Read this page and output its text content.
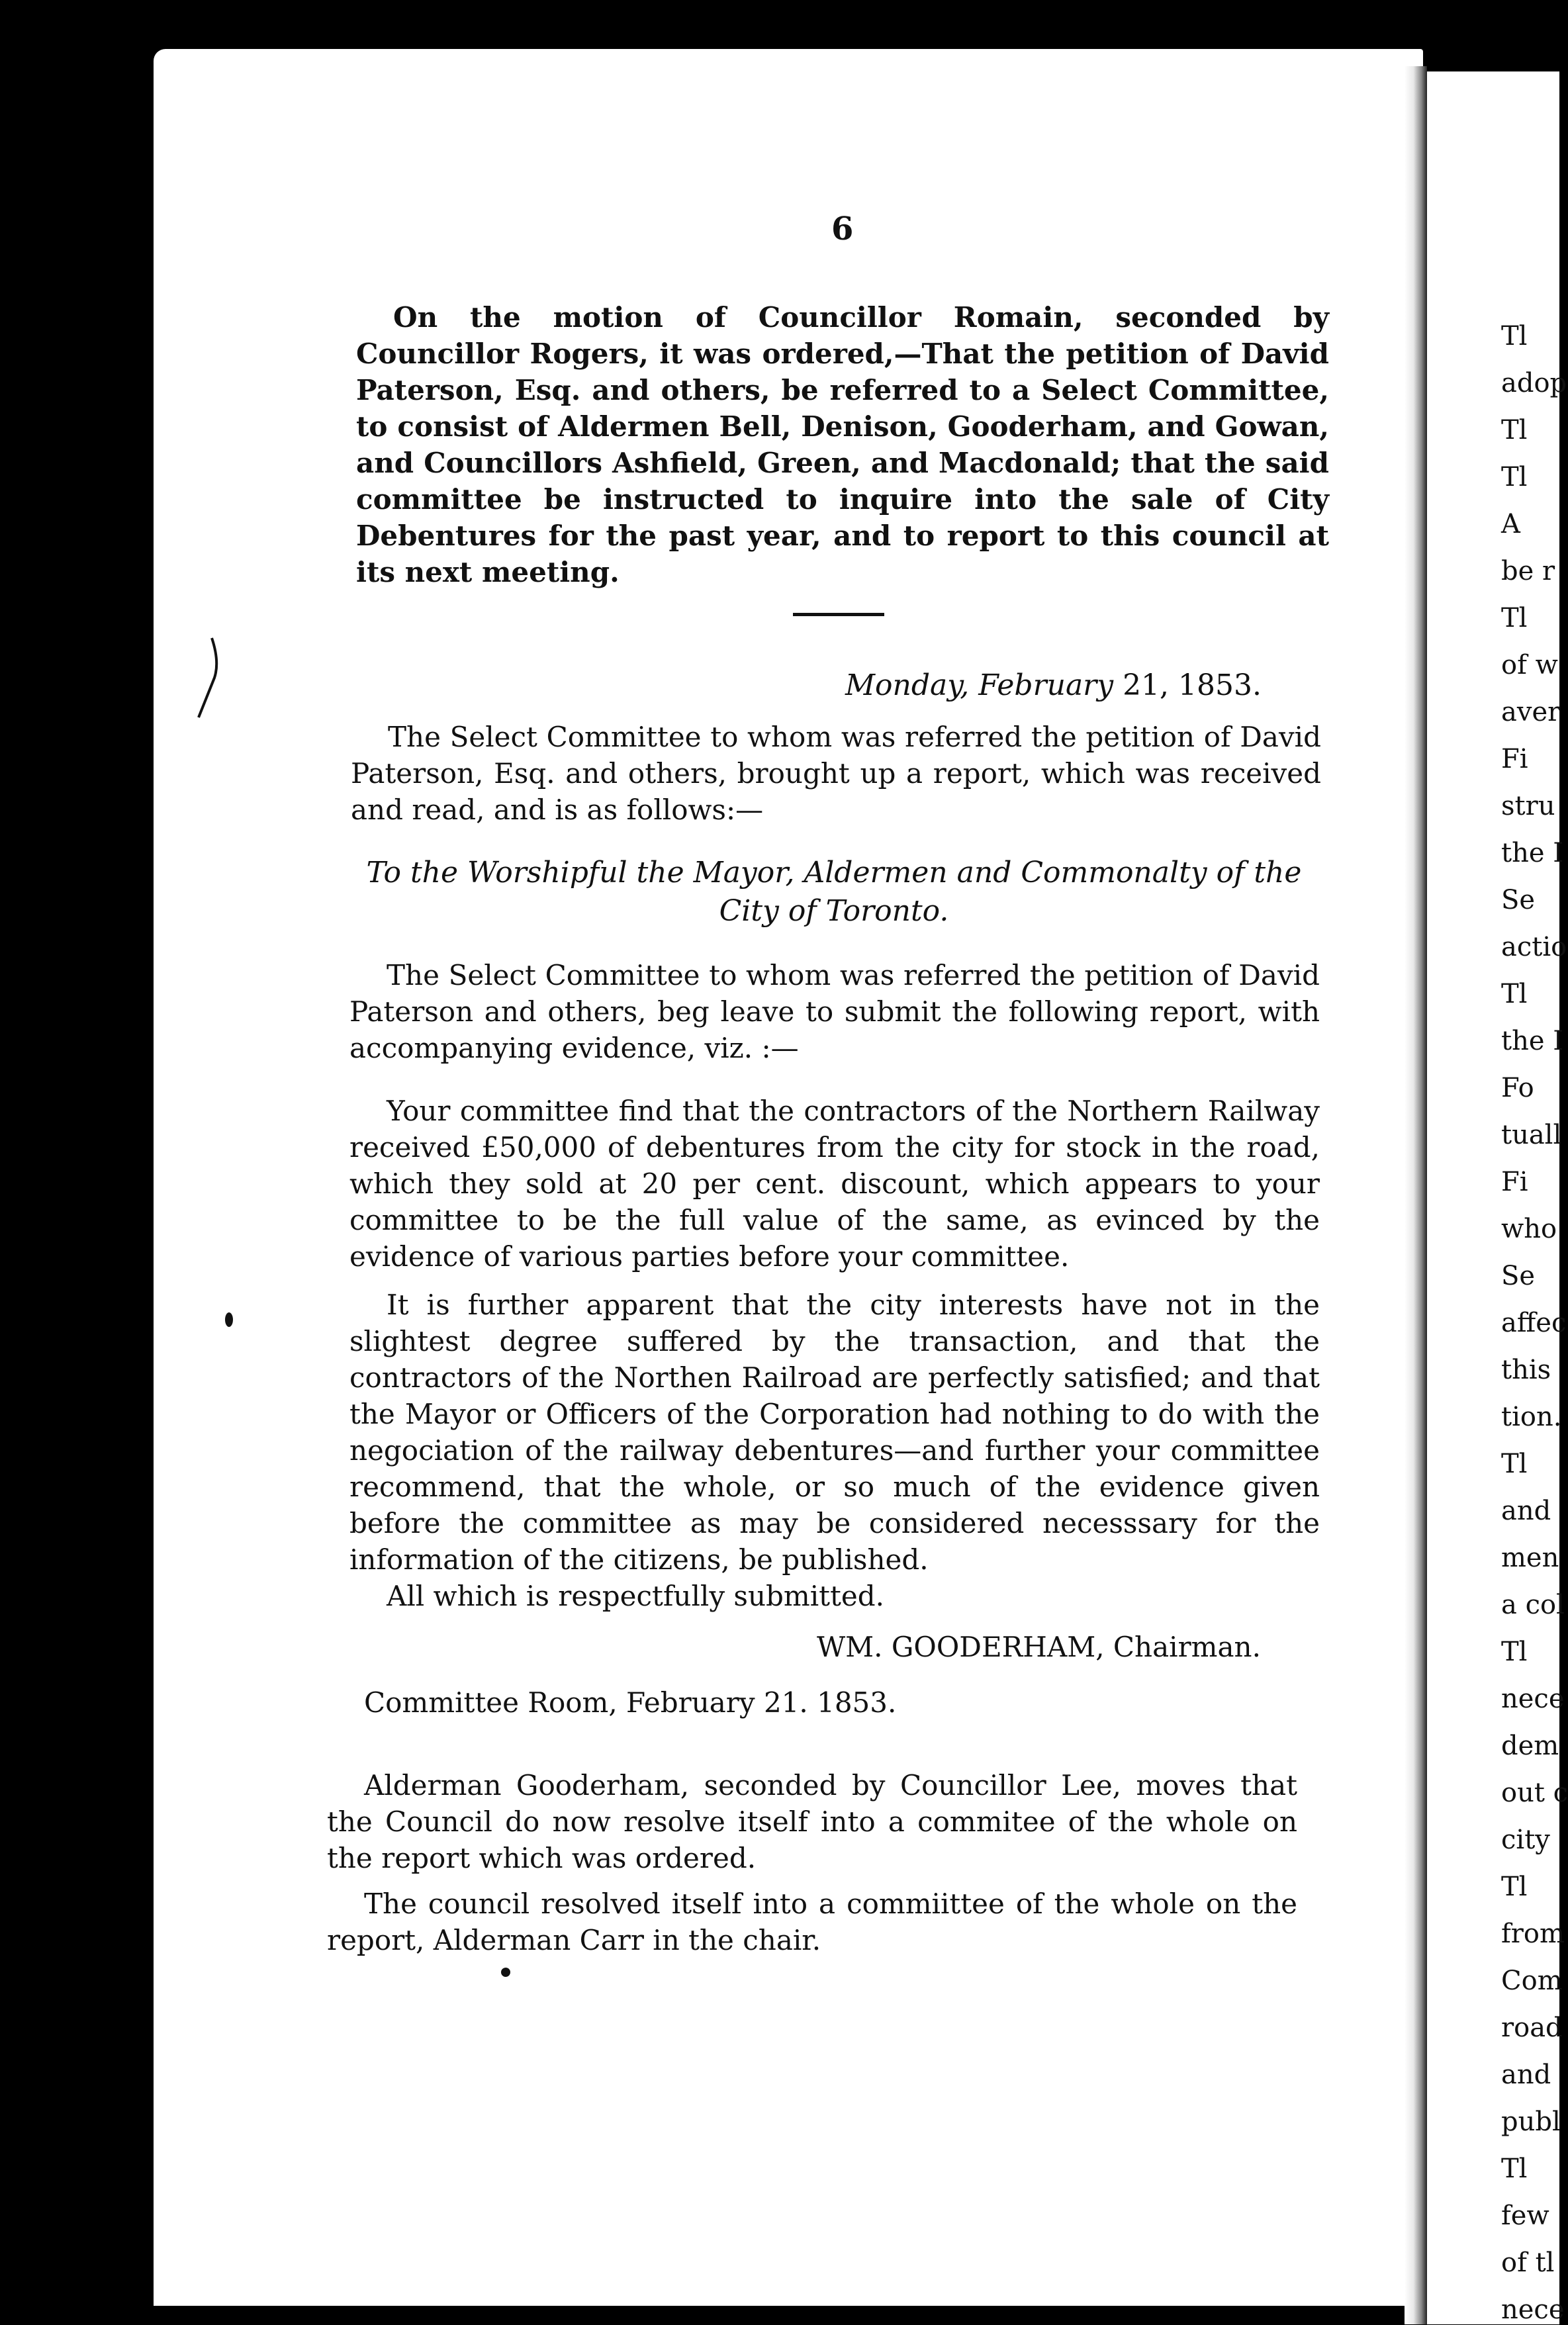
Tl
adop
Tl
Tl
A
be r
Tl
of w
aver
Fi
stru
the I
Se
actio
Tl
the I
Fo
tuall
Fi
who
Se
affec
this
tion.
Tl
and
men
a col
Tl
nece
dem
out c
city
Tl
from
Com
road
and
publ
Tl
few
of tl
nece
6

On the motion of Councillor Romain, seconded by Councillor Rogers, it was ordered,—That the petition of David Paterson, Esq. and others, be referred to a Select Committee, to consist of Aldermen Bell, Denison, Gooderham, and Gowan, and Councillors Ashfield, Green, and Macdonald; that the said committee be instructed to inquire into the sale of City Debentures for the past year, and to report to this council at its next meeting.

Monday, February 21, 1853.

The Select Committee to whom was referred the petition of David Paterson, Esq. and others, brought up a report, which was received and read, and is as follows:—

To the Worshipful the Mayor, Aldermen and Commonalty of the
City of Toronto.

The Select Committee to whom was referred the petition of David Paterson and others, beg leave to submit the following report, with accompanying evidence, viz. :—

Your committee find that the contractors of the Northern Railway received £50,000 of debentures from the city for stock in the road, which they sold at 20 per cent. discount, which appears to your committee to be the full value of the same, as evinced by the evidence of various parties before your committee.

It is further apparent that the city interests have not in the slightest degree suffered by the transaction, and that the contractors of the Northen Railroad are perfectly satisfied; and that the Mayor or Officers of the Corporation had nothing to do with the negociation of the railway debentures—and further your committee recommend, that the whole, or so much of the evidence given before the committee as may be considered necesssary for the information of the citizens, be published.

All which is respectfully submitted.

WM. GOODERHAM, Chairman.
Committee Room, February 21. 1853.

Alderman Gooderham, seconded by Councillor Lee, moves that the Council do now resolve itself into a commitee of the whole on the report which was ordered.

The council resolved itself into a commiittee of the whole on the report, Alderman Carr in the chair.
